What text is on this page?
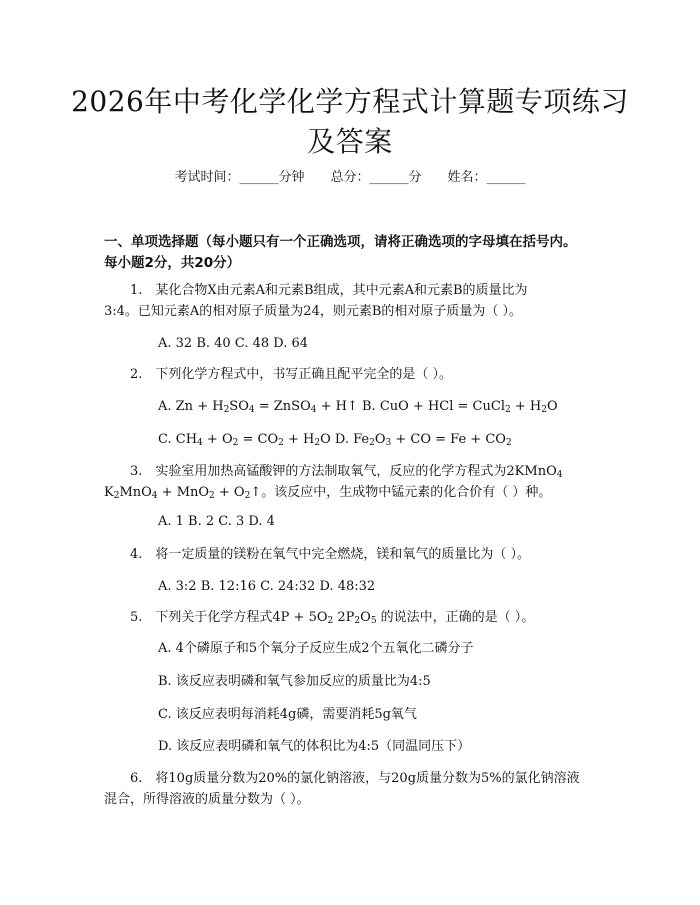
2026年中考化学化学方程式计算题专项练习
及答案
考试时间：______分钟 总分：______分 姓名：______
一、单项选择题（每小题只有一个正确选项，请将正确选项的字母填在括号内。
每小题2分，共20分）
1.　某化合物X由元素A和元素B组成，其中元素A和元素B的质量比为
3:4。已知元素A的相对原子质量为24，则元素B的相对原子质量为（ ）。
A. 32 B. 40 C. 48 D. 64
2.　下列化学方程式中，书写正确且配平完全的是（ ）。
A. $Zn + H_2SO_4$ = ZnSO$_4$ + H↑ B. CuO + HCl = CuCl$_2$ + $H_2O$
C. $CH_4 + O_2 = CO_2 + H_2O$ D. $Fe_2O_3$ + CO = $Fe + CO_2$
3.　实验室用加热高锰酸钾的方法制取氧气，反应的化学方程式为2KMnO$_4$
$K_2MnO_4 + MnO_2$ + $O_2↑$。该反应中，生成物中锰元素的化合价有（ ）种。
A. 1 B. 2 C. 3 D. 4
4.　将一定质量的镁粉在氧气中完全燃烧，镁和氧气的质量比为（ ）。
A. 3:2 B. 12:16 C. 24:32 D. 48:32
5.　下列关于化学方程式$4P + 5O_2$ $2P_2O_5$ 的说法中，正确的是（ ）。
A. 4个磷原子和5个氧分子反应生成2个五氧化二磷分子
B. 该反应表明磷和氧气参加反应的质量比为4:5
C. 该反应表明每消耗4g磷，需要消耗5g氧气
D. 该反应表明磷和氧气的体积比为4:5（同温同压下）
6.　将10g质量分数为20%的氯化钠溶液，与20g质量分数为5%的氯化钠溶液
混合，所得溶液的质量分数为（ ）。
